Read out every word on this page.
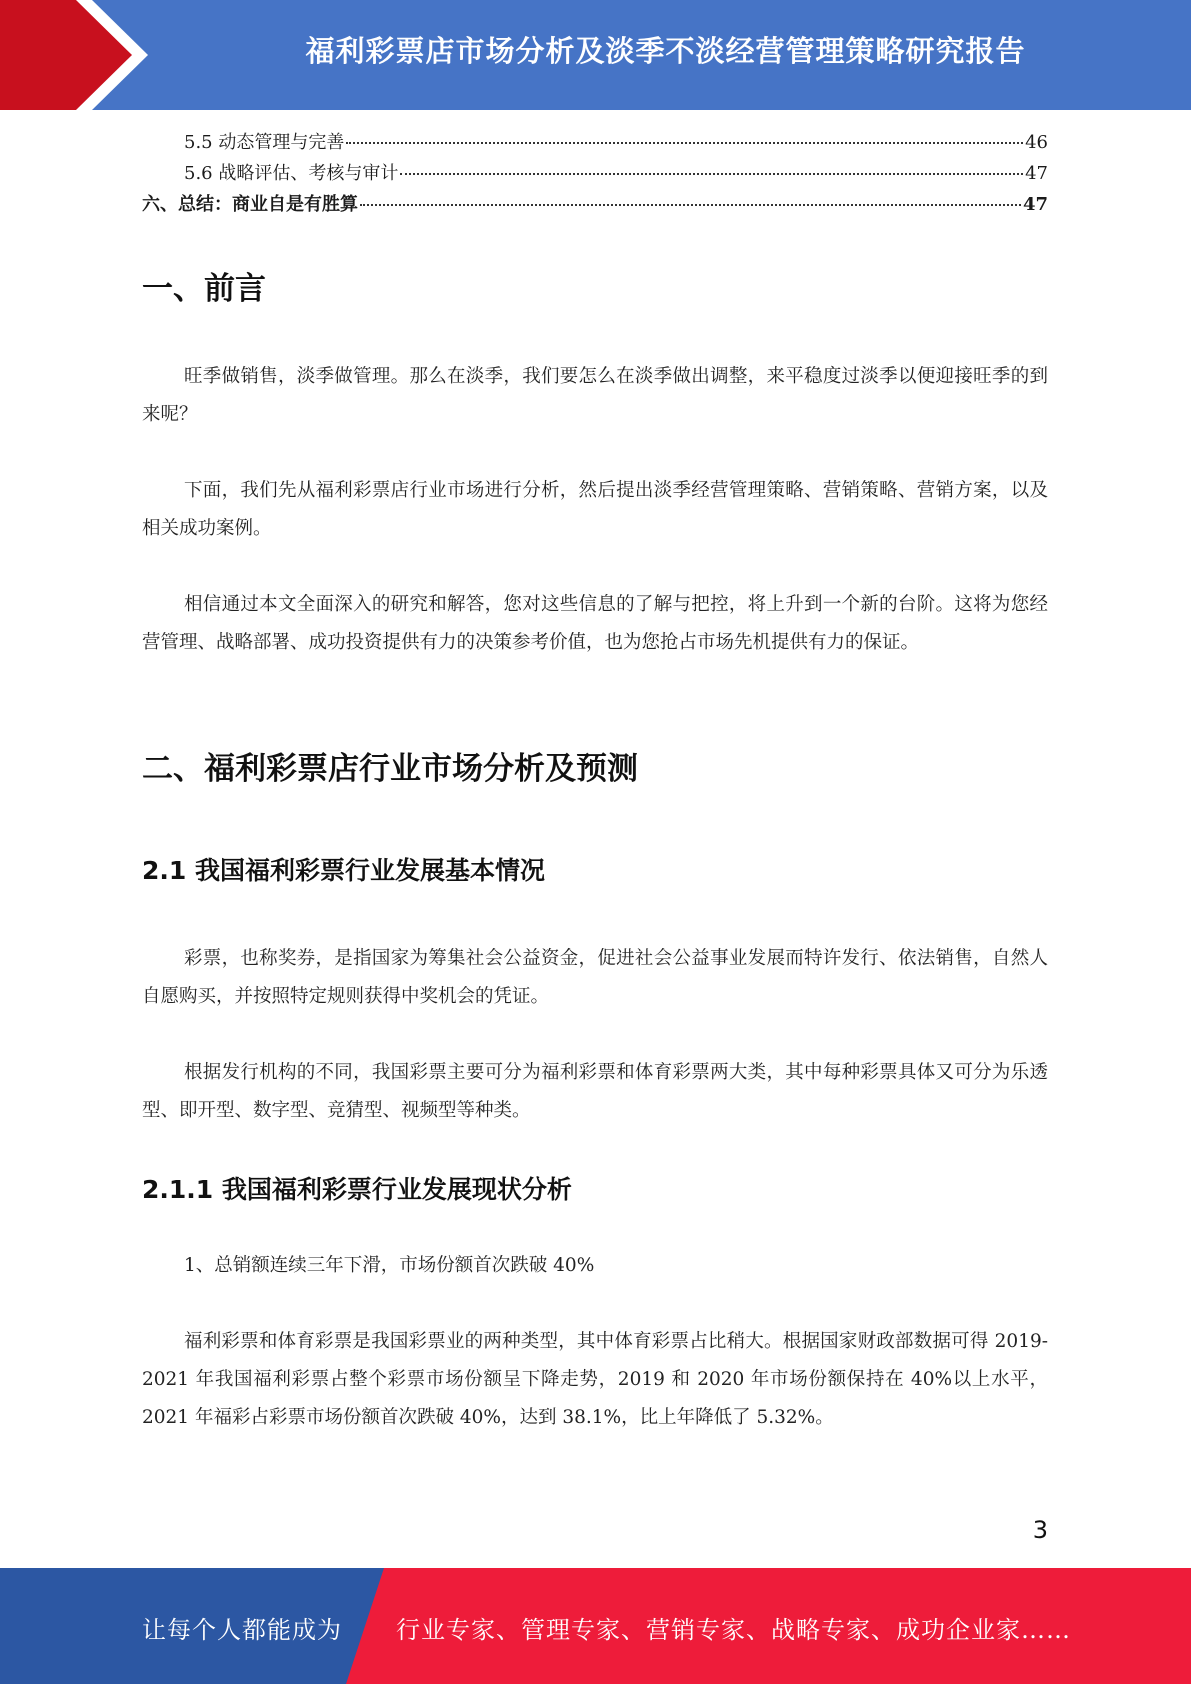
福利彩票店市场分析及淡季不淡经营管理策略研究报告
5.5 动态管理与完善	46
5.6 战略评估、考核与审计	47
六、总结：商业自是有胜算	47
一、前言

旺季做销售，淡季做管理。那么在淡季，我们要怎么在淡季做出调整，来平稳度过淡季以便迎接旺季的到来呢？

下面，我们先从福利彩票店行业市场进行分析，然后提出淡季经营管理策略、营销策略、营销方案，以及相关成功案例。

相信通过本文全面深入的研究和解答，您对这些信息的了解与把控，将上升到一个新的台阶。这将为您经营管理、战略部署、成功投资提供有力的决策参考价值，也为您抢占市场先机提供有力的保证。

二、福利彩票店行业市场分析及预测
2.1 我国福利彩票行业发展基本情况

彩票，也称奖券，是指国家为筹集社会公益资金，促进社会公益事业发展而特许发行、依法销售，自然人自愿购买，并按照特定规则获得中奖机会的凭证。

根据发行机构的不同，我国彩票主要可分为福利彩票和体育彩票两大类，其中每种彩票具体又可分为乐透型、即开型、数字型、竞猜型、视频型等种类。

2.1.1 我国福利彩票行业发展现状分析

1、总销额连续三年下滑，市场份额首次跌破 40%

福利彩票和体育彩票是我国彩票业的两种类型，其中体育彩票占比稍大。根据国家财政部数据可得 2019-2021 年我国福利彩票占整个彩票市场份额呈下降走势，2019 和 2020 年市场份额保持在 40%以上水平，2021 年福彩占彩票市场份额首次跌破 40%，达到 38.1%，比上年降低了 5.32%。

3
让每个人都能成为 行业专家、管理专家、营销专家、战略专家、成功企业家……
